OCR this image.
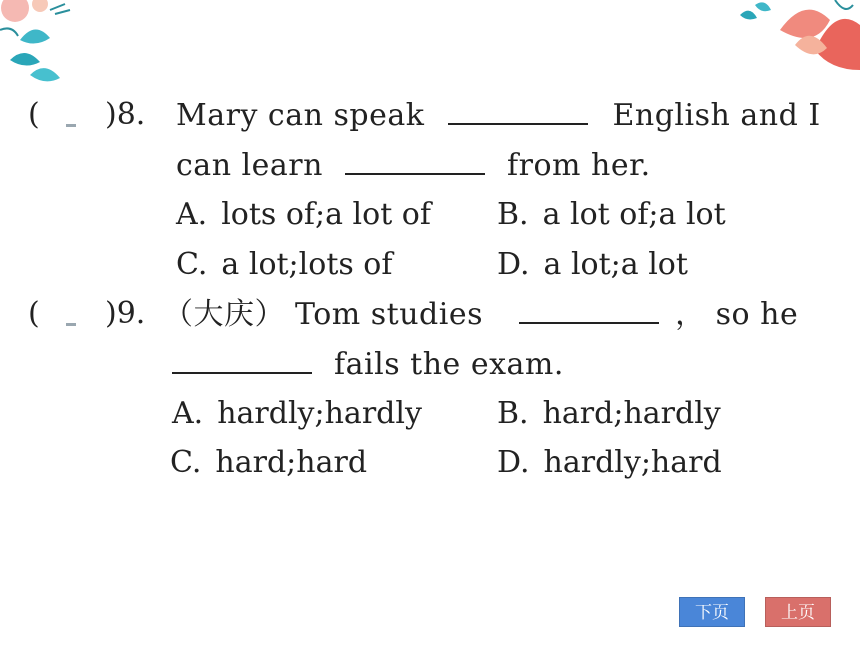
( )8. Mary can speak	English and I
can learn	from her.
A. lots of;a lot of B. a lot of;a lot
C. a lot;lots of	D. a lot;a lot
( )9. （大庆） Tom studies	， so he
fails the exam.
A. hardly;hardly	B. hard;hardly
C. hard;hard	D. hardly;hard
下页	上页
